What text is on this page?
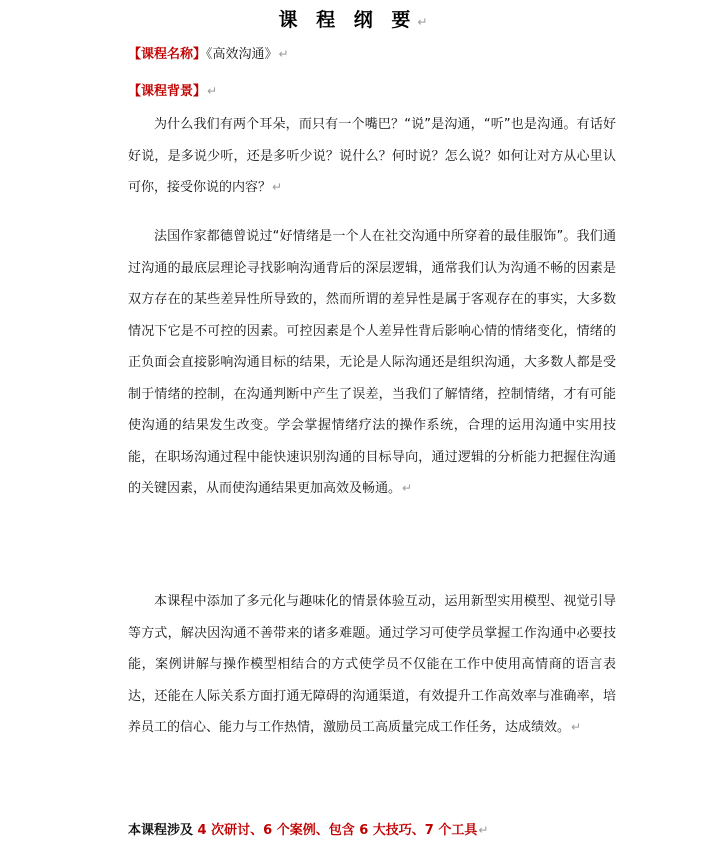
课 程 纲 要↵
【课程名称】《高效沟通》↵
【课程背景】↵

为什么我们有两个耳朵，而只有一个嘴巴？“说”是沟通，“听”也是沟通。有话好好说，是多说少听，还是多听少说？说什么？何时说？怎么说？如何让对方从心里认可你，接受你说的内容？↵

法国作家都德曾说过“好情绪是一个人在社交沟通中所穿着的最佳服饰”。我们通过沟通的最底层理论寻找影响沟通背后的深层逻辑，通常我们认为沟通不畅的因素是双方存在的某些差异性所导致的，然而所谓的差异性是属于客观存在的事实，大多数情况下它是不可控的因素。可控因素是个人差异性背后影响心情的情绪变化，情绪的正负面会直接影响沟通目标的结果，无论是人际沟通还是组织沟通，大多数人都是受制于情绪的控制，在沟通判断中产生了误差，当我们了解情绪，控制情绪，才有可能使沟通的结果发生改变。学会掌握情绪疗法的操作系统，合理的运用沟通中实用技能，在职场沟通过程中能快速识别沟通的目标导向，通过逻辑的分析能力把握住沟通的关键因素，从而使沟通结果更加高效及畅通。↵

本课程中添加了多元化与趣味化的情景体验互动，运用新型实用模型、视觉引导等方式，解决因沟通不善带来的诸多难题。通过学习可使学员掌握工作沟通中必要技能，案例讲解与操作模型相结合的方式使学员不仅能在工作中使用高情商的语言表达，还能在人际关系方面打通无障碍的沟通渠道，有效提升工作高效率与准确率，培养员工的信心、能力与工作热情，激励员工高质量完成工作任务，达成绩效。↵

本课程涉及 4 次研讨、6 个案例、包含 6 大技巧、7 个工具↵
